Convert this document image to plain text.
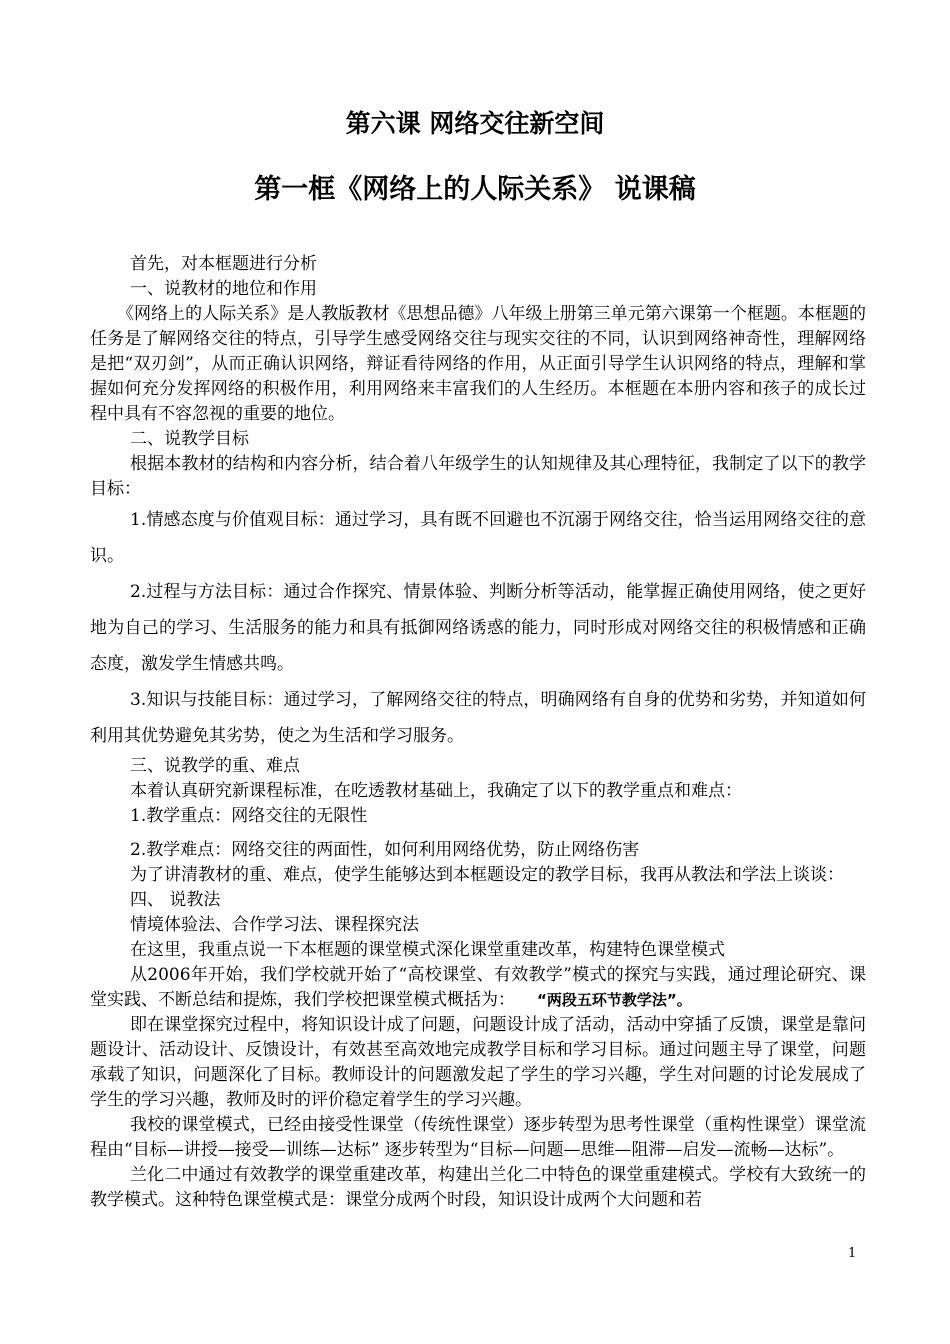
第六课 网络交往新空间
第一框《网络上的人际关系》 说课稿

首先，对本框题进行分析

一、说教材的地位和作用

《网络上的人际关系》是人教版教材《思想品德》八年级上册第三单元第六课第一个框题。本框题的任务是了解网络交往的特点，引导学生感受网络交往与现实交往的不同，认识到网络神奇性，理解网络是把“双刃剑”，从而正确认识网络，辩证看待网络的作用，从正面引导学生认识网络的特点，理解和掌握如何充分发挥网络的积极作用，利用网络来丰富我们的人生经历。本框题在本册内容和孩子的成长过程中具有不容忽视的重要的地位。

二、说教学目标

根据本教材的结构和内容分析，结合着八年级学生的认知规律及其心理特征，我制定了以下的教学目标：

1.情感态度与价值观目标：通过学习，具有既不回避也不沉溺于网络交往，恰当运用网络交往的意识。

2.过程与方法目标：通过合作探究、情景体验、判断分析等活动，能掌握正确使用网络，使之更好地为自己的学习、生活服务的能力和具有抵御网络诱惑的能力，同时形成对网络交往的积极情感和正确态度，激发学生情感共鸣。

3.知识与技能目标：通过学习，了解网络交往的特点，明确网络有自身的优势和劣势，并知道如何利用其优势避免其劣势，使之为生活和学习服务。

三、说教学的重、难点

本着认真研究新课程标准，在吃透教材基础上，我确定了以下的教学重点和难点：

1.教学重点：网络交往的无限性

2.教学难点：网络交往的两面性，如何利用网络优势，防止网络伤害

为了讲清教材的重、难点，使学生能够达到本框题设定的教学目标，我再从教法和学法上谈谈：

四、 说教法

情境体验法、合作学习法、课程探究法

在这里，我重点说一下本框题的课堂模式深化课堂重建改革，构建特色课堂模式

从2006年开始，我们学校就开始了“高校课堂、有效教学”模式的探究与实践，通过理论研究、课堂实践、不断总结和提炼，我们学校把课堂模式概括为： “两段五环节教学法”。

即在课堂探究过程中，将知识设计成了问题，问题设计成了活动，活动中穿插了反馈，课堂是靠问题设计、活动设计、反馈设计，有效甚至高效地完成教学目标和学习目标。通过问题主导了课堂，问题承载了知识，问题深化了目标。教师设计的问题激发起了学生的学习兴趣，学生对问题的讨论发展成了学生的学习兴趣，教师及时的评价稳定着学生的学习兴趣。

我校的课堂模式，已经由接受性课堂（传统性课堂）逐步转型为思考性课堂（重构性课堂）课堂流程由“目标—讲授—接受—训练—达标” 逐步转型为“目标—问题—思维—阻滞—启发—流畅—达标”。

兰化二中通过有效教学的课堂重建改革，构建出兰化二中特色的课堂重建模式。学校有大致统一的教学模式。这种特色课堂模式是：课堂分成两个时段，知识设计成两个大问题和若

1
